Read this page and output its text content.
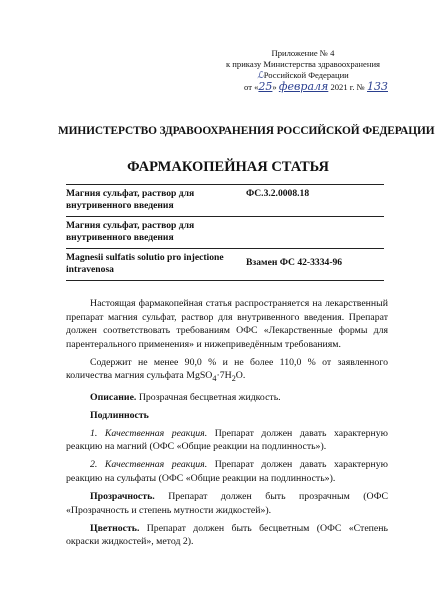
Приложение № 4
к приказу Министерства здравоохранения
ℒРоссийской Федерации
от «25» февраля 2021 г. № 133
МИНИСТЕРСТВО ЗДРАВООХРАНЕНИЯ РОССИЙСКОЙ ФЕДЕРАЦИИ
ФАРМАКОПЕЙНАЯ СТАТЬЯ
Магния сульфат, раствор для внутривенного введения	ФС.3.2.0008.18
Магния сульфат, раствор для внутривенного введения	
Magnesii sulfatis solutio pro injectione intravenosa	Взамен ФС 42-3334-96

Настоящая фармакопейная статья распространяется на лекарственный препарат магния сульфат, раствор для внутривенного введения. Препарат должен соответствовать требованиям ОФС «Лекарственные формы для парентерального применения» и нижеприведённым требованиям.

Содержит не менее 90,0 % и не более 110,0 % от заявленного количества магния сульфата $MgSO_4\cdot 7H_2O$.

Описание. Прозрачная бесцветная жидкость.

Подлинность

1. Качественная реакция. Препарат должен давать характерную реакцию на магний (ОФС «Общие реакции на подлинность»).

2. Качественная реакция. Препарат должен давать характерную реакцию на сульфаты (ОФС «Общие реакции на подлинность»).

Прозрачность. Препарат должен быть прозрачным (ОФС

«Прозрачность и степень мутности жидкостей»).

Цветность. Препарат должен быть бесцветным (ОФС «Степень окраски жидкостей», метод 2).
